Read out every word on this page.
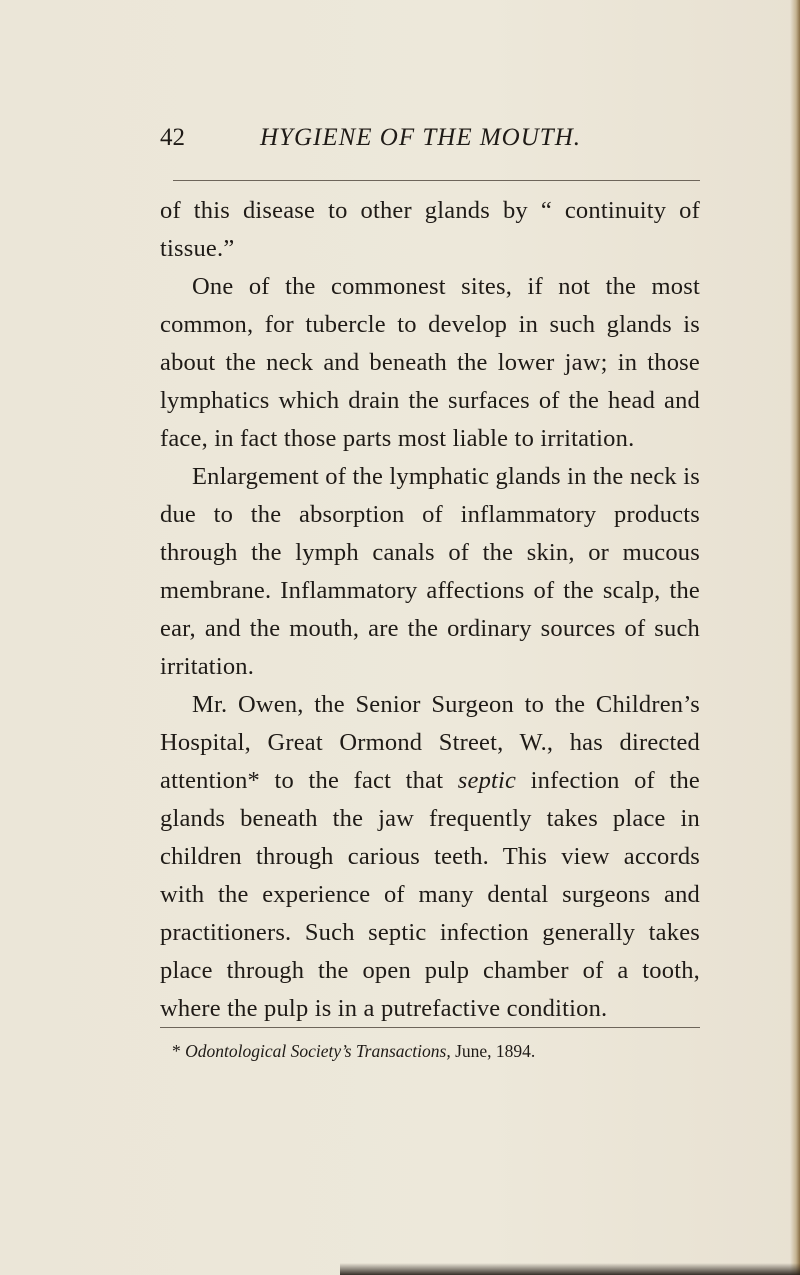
42	HYGIENE OF THE MOUTH.

of this disease to other glands by “ continuity of tissue.”

One of the commonest sites, if not the most common, for tubercle to develop in such glands is about the neck and beneath the lower jaw; in those lymphatics which drain the surfaces of the head and face, in fact those parts most liable to irritation.

Enlargement of the lymphatic glands in the neck is due to the absorption of inflammatory products through the lymph canals of the skin, or mucous membrane. Inflammatory affections of the scalp, the ear, and the mouth, are the ordinary sources of such irritation.

Mr. Owen, the Senior Surgeon to the Children’s Hospital, Great Ormond Street, W., has directed attention* to the fact that septic infection of the glands beneath the jaw frequently takes place in children through carious teeth. This view accords with the experience of many dental surgeons and practitioners. Such septic infection generally takes place through the open pulp chamber of a tooth, where the pulp is in a putrefactive condition.

* Odontological Society’s Transactions, June, 1894.
